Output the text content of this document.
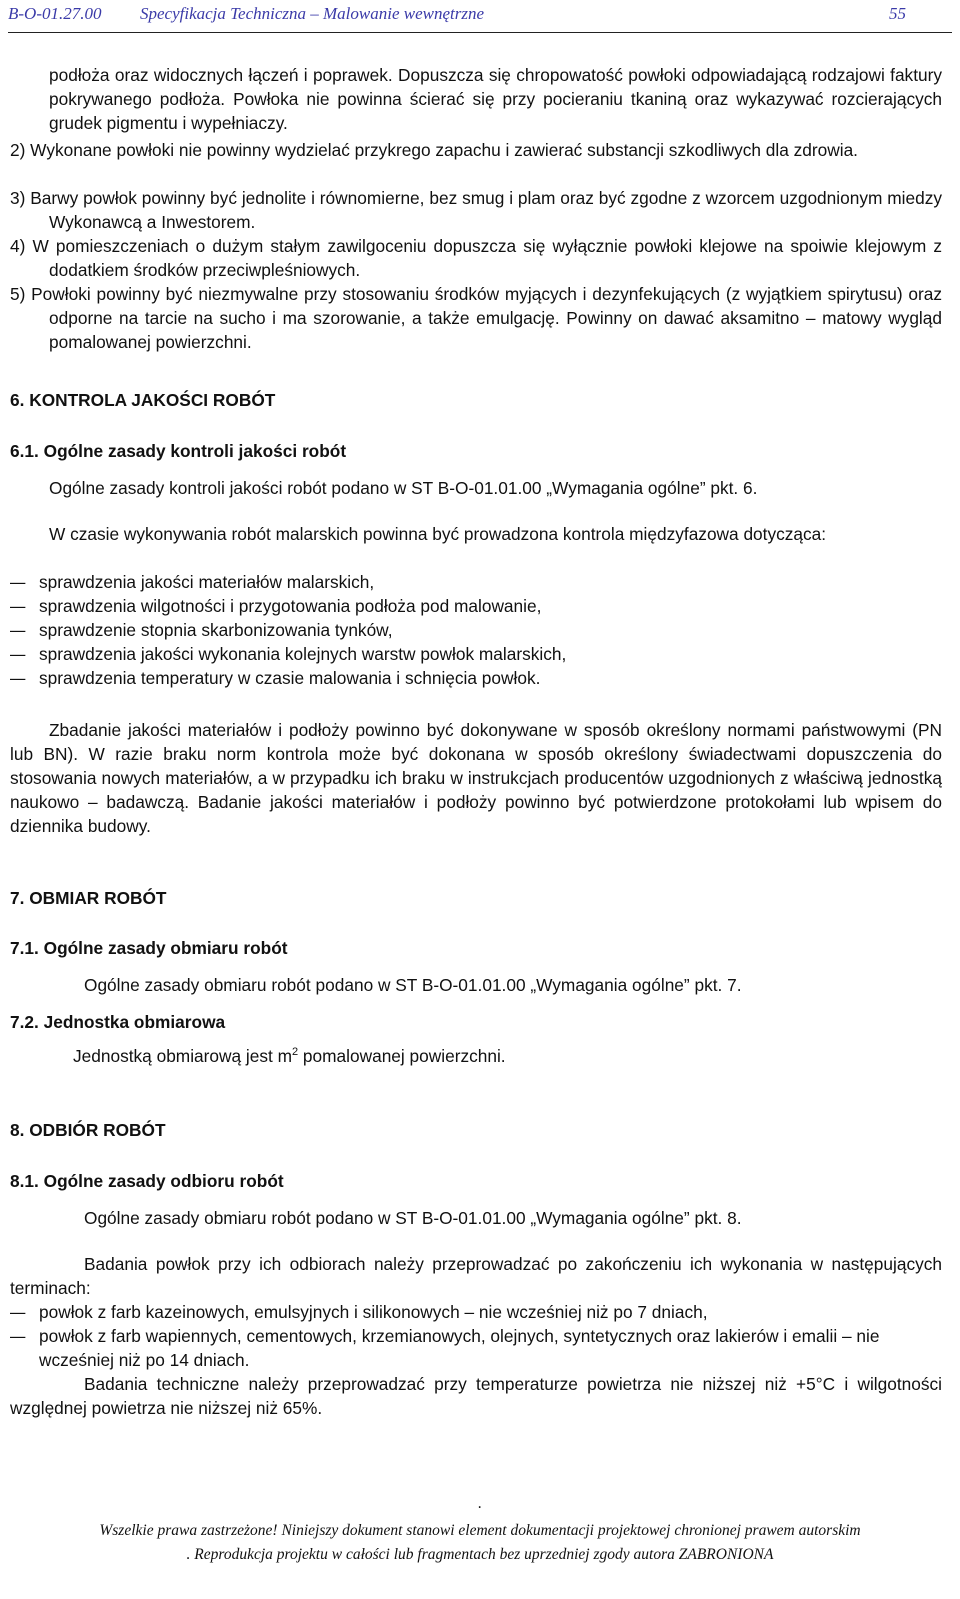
B-O-01.27.00 Specyfikacja Techniczna – Malowanie wewnętrzne	55

podłoża oraz widocznych łączeń i poprawek. Dopuszcza się chropowatość powłoki odpowiadającą rodzajowi faktury pokrywanego podłoża. Powłoka nie powinna ścierać się przy pocieraniu tkaniną oraz wykazywać rozcierających grudek pigmentu i wypełniaczy.

2) Wykonane powłoki nie powinny wydzielać przykrego zapachu i zawierać substancji szkodliwych dla zdrowia.

3) Barwy powłok powinny być jednolite i równomierne, bez smug i plam oraz być zgodne z wzorcem uzgodnionym miedzy Wykonawcą a Inwestorem.

4) W pomieszczeniach o dużym stałym zawilgoceniu dopuszcza się wyłącznie powłoki klejowe na spoiwie klejowym z dodatkiem środków przeciwpleśniowych.

5) Powłoki powinny być niezmywalne przy stosowaniu środków myjących i dezynfekujących (z wyjątkiem spirytusu) oraz odporne na tarcie na sucho i ma szorowanie, a także emulgację. Powinny on dawać aksamitno – matowy wygląd pomalowanej powierzchni.

6. KONTROLA JAKOŚCI ROBÓT
6.1. Ogólne zasady kontroli jakości robót
Ogólne zasady kontroli jakości robót podano w ST B-O-01.01.00 „Wymagania ogólne” pkt. 6.

W czasie wykonywania robót malarskich powinna być prowadzona kontrola międzyfazowa dotycząca:

– sprawdzenia jakości materiałów malarskich,
– sprawdzenia wilgotności i przygotowania podłoża pod malowanie,
– sprawdzenie stopnia skarbonizowania tynków,
– sprawdzenia jakości wykonania kolejnych warstw powłok malarskich,
– sprawdzenia temperatury w czasie malowania i schnięcia powłok.

Zbadanie jakości materiałów i podłoży powinno być dokonywane w sposób określony normami państwowymi (PN lub BN). W razie braku norm kontrola może być dokonana w sposób określony świadectwami dopuszczenia do stosowania nowych materiałów, a w przypadku ich braku w instrukcjach producentów uzgodnionych z właściwą jednostką naukowo – badawczą. Badanie jakości materiałów i podłoży powinno być potwierdzone protokołami lub wpisem do dziennika budowy.

7. OBMIAR ROBÓT
7.1. Ogólne zasady obmiaru robót
Ogólne zasady obmiaru robót podano w ST B-O-01.01.00 „Wymagania ogólne” pkt. 7.
7.2. Jednostka obmiarowa
Jednostką obmiarową jest $m^2$ pomalowanej powierzchni.
8. ODBIÓR ROBÓT
8.1. Ogólne zasady odbioru robót
Ogólne zasady obmiaru robót podano w ST B-O-01.01.00 „Wymagania ogólne” pkt. 8.

Badania powłok przy ich odbiorach należy przeprowadzać po zakończeniu ich wykonania w następujących terminach:

– powłok z farb kazeinowych, emulsyjnych i silikonowych – nie wcześniej niż po 7 dniach,
– powłok z farb wapiennych, cementowych, krzemianowych, olejnych, syntetycznych oraz lakierów i emalii – nie wcześniej niż po 14 dniach.

Badania techniczne należy przeprowadzać przy temperaturze powietrza nie niższej niż +5°C i wilgotności względnej powietrza nie niższej niż 65%.

.
Wszelkie prawa zastrzeżone! Niniejszy dokument stanowi element dokumentacji projektowej chronionej prawem autorskim
. Reprodukcja projektu w całości lub fragmentach bez uprzedniej zgody autora ZABRONIONA
